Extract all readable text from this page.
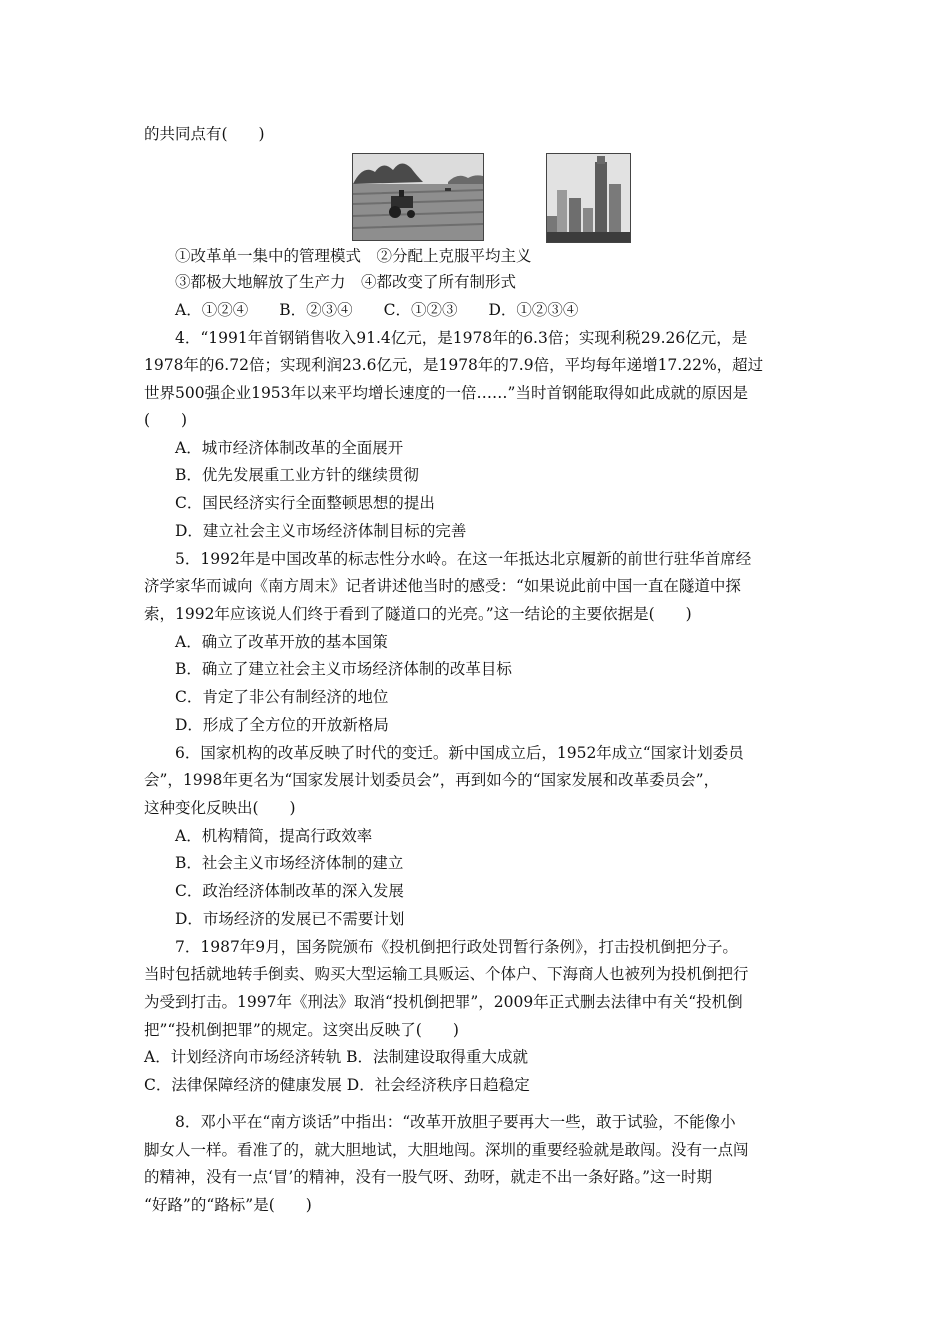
的共同点有(　　)
①改革单一集中的管理模式　②分配上克服平均主义
③都极大地解放了生产力　④都改变了所有制形式
A．①②④　　B．②③④　　C．①②③　　D．①②③④
4．“1991年首钢销售收入91.4亿元，是1978年的6.3倍；实现利税29.26亿元，是
1978年的6.72倍；实现利润23.6亿元，是1978年的7.9倍，平均每年递增17.22%，超过
世界500强企业1953年以来平均增长速度的一倍……”当时首钢能取得如此成就的原因是
(　　)
A．城市经济体制改革的全面展开
B．优先发展重工业方针的继续贯彻
C．国民经济实行全面整顿思想的提出
D．建立社会主义市场经济体制目标的完善
5．1992年是中国改革的标志性分水岭。在这一年抵达北京履新的前世行驻华首席经
济学家华而诚向《南方周末》记者讲述他当时的感受：“如果说此前中国一直在隧道中探
索，1992年应该说人们终于看到了隧道口的光亮。”这一结论的主要依据是(　　)
A．确立了改革开放的基本国策
B．确立了建立社会主义市场经济体制的改革目标
C．肯定了非公有制经济的地位
D．形成了全方位的开放新格局
6．国家机构的改革反映了时代的变迁。新中国成立后，1952年成立“国家计划委员
会”，1998年更名为“国家发展计划委员会”，再到如今的“国家发展和改革委员会”，
这种变化反映出(　　)
A．机构精简，提高行政效率
B．社会主义市场经济体制的建立
C．政治经济体制改革的深入发展
D．市场经济的发展已不需要计划
7．1987年9月，国务院颁布《投机倒把行政处罚暂行条例》，打击投机倒把分子。
当时包括就地转手倒卖、购买大型运输工具贩运、个体户、下海商人也被列为投机倒把行
为受到打击。1997年《刑法》取消“投机倒把罪”，2009年正式删去法律中有关“投机倒
把”“投机倒把罪”的规定。这突出反映了(　　)
A．计划经济向市场经济转轨 B．法制建设取得重大成就
C．法律保障经济的健康发展 D．社会经济秩序日趋稳定
8．邓小平在“南方谈话”中指出：“改革开放胆子要再大一些，敢于试验，不能像小
脚女人一样。看准了的，就大胆地试，大胆地闯。深圳的重要经验就是敢闯。没有一点闯
的精神，没有一点‘冒’的精神，没有一股气呀、劲呀，就走不出一条好路。”这一时期
“好路”的“路标”是(　　)
